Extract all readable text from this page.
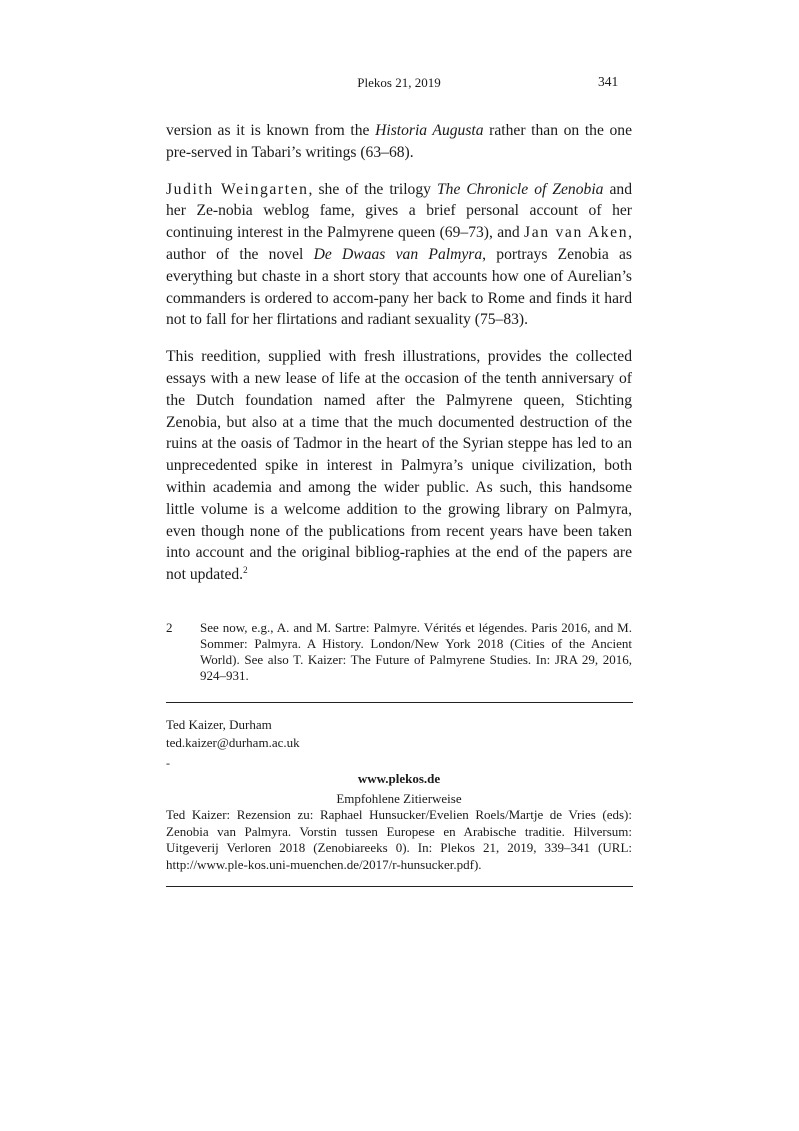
Plekos 21, 2019	341

version as it is known from the Historia Augusta rather than on the one pre-served in Tabari’s writings (63–68).

Judith Weingarten, she of the trilogy The Chronicle of Zenobia and her Ze-nobia weblog fame, gives a brief personal account of her continuing interest in the Palmyrene queen (69–73), and Jan van Aken, author of the novel De Dwaas van Palmyra, portrays Zenobia as everything but chaste in a short story that accounts how one of Aurelian’s commanders is ordered to accom-pany her back to Rome and finds it hard not to fall for her flirtations and radiant sexuality (75–83).

This reedition, supplied with fresh illustrations, provides the collected essays with a new lease of life at the occasion of the tenth anniversary of the Dutch foundation named after the Palmyrene queen, Stichting Zenobia, but also at a time that the much documented destruction of the ruins at the oasis of Tadmor in the heart of the Syrian steppe has led to an unprecedented spike in interest in Palmyra’s unique civilization, both within academia and among the wider public. As such, this handsome little volume is a welcome addition to the growing library on Palmyra, even though none of the publications from recent years have been taken into account and the original bibliog-raphies at the end of the papers are not updated.$^2$

2	See now, e.g., A. and M. Sartre: Palmyre. Vérités et légendes. Paris 2016, and M. Sommer: Palmyra. A History. London/New York 2018 (Cities of the Ancient World). See also T. Kaizer: The Future of Palmyrene Studies. In: JRA 29, 2016, 924–931.
Ted Kaizer, Durham
ted.kaizer@durham.ac.uk
-
www.plekos.de
Empfohlene Zitierweise
Ted Kaizer: Rezension zu: Raphael Hunsucker/Evelien Roels/Martje de Vries (eds): Zenobia van Palmyra. Vorstin tussen Europese en Arabische traditie. Hilversum: Uitgeverij Verloren 2018 (Zenobiareeks 0). In: Plekos 21, 2019, 339–341 (URL: http://www.ple-kos.uni-muenchen.de/2017/r-hunsucker.pdf).
